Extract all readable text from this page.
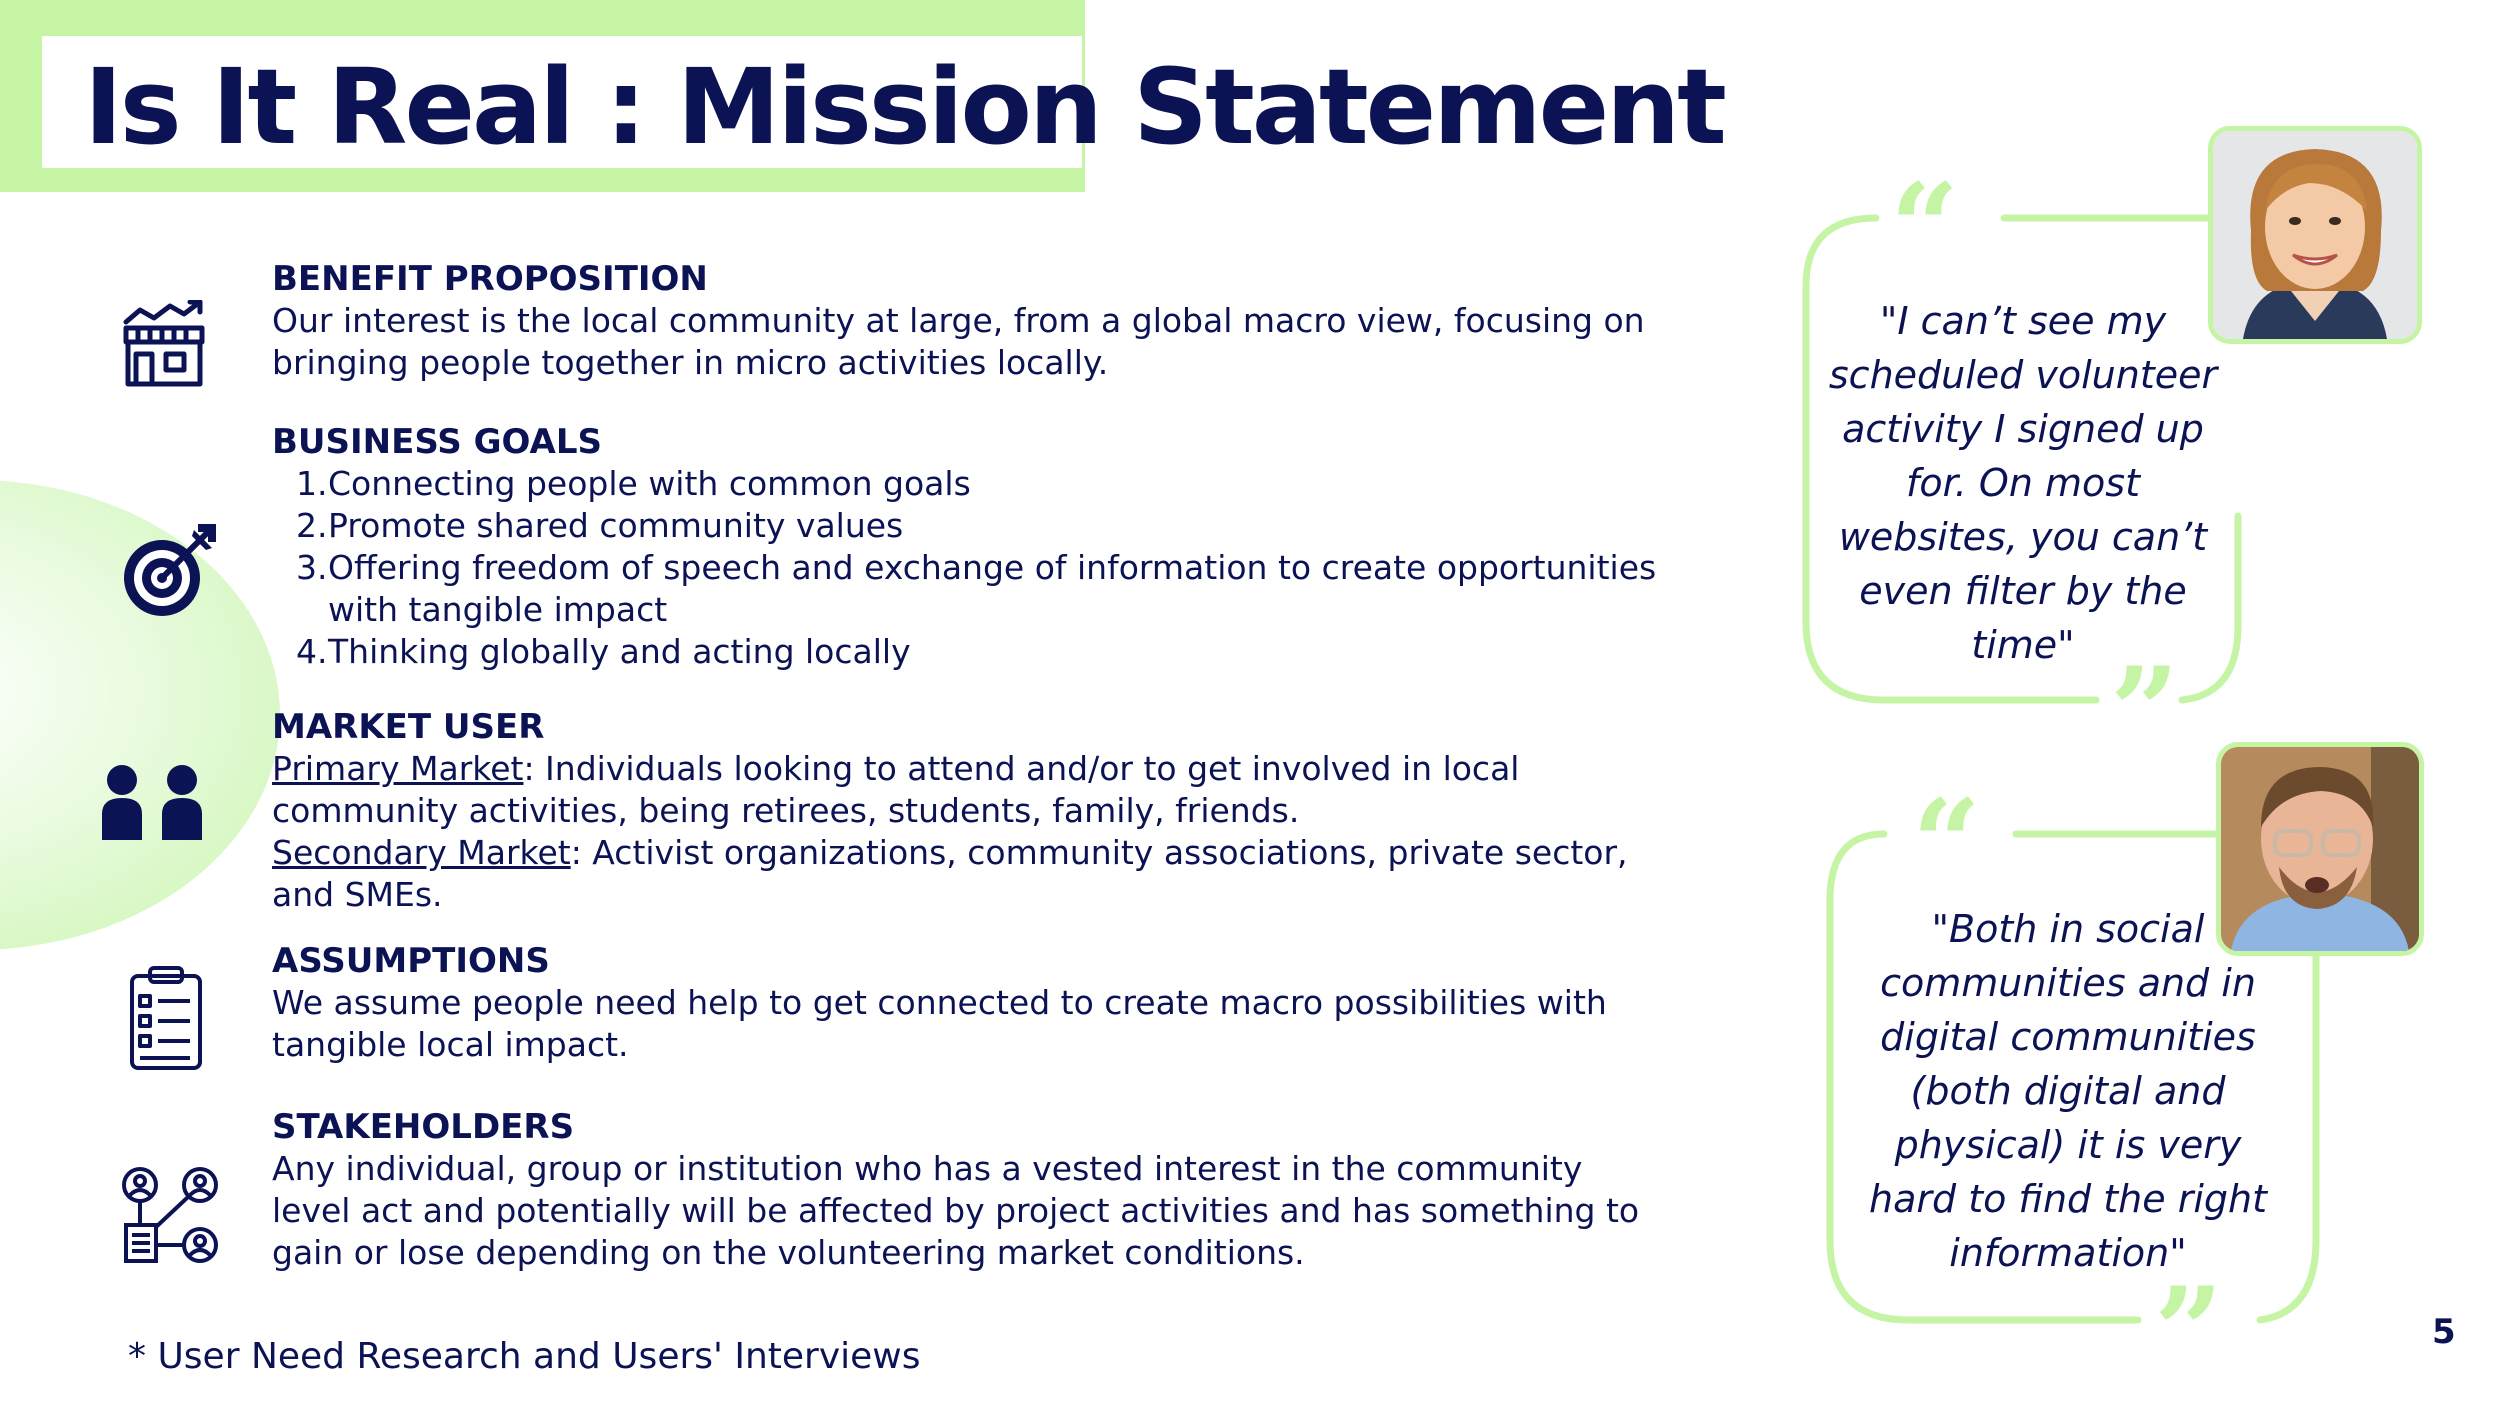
Is It Real : Mission Statement
BENEFIT PROPOSITION
Our interest is the local community at large, from a global macro view, focusing on bringing people together in micro activities locally.
BUSINESS GOALS
1. Connecting people with common goals
2. Promote shared community values
3. Offering freedom of speech and exchange of information to create opportunities with tangible impact
4. Thinking globally and acting locally
MARKET USER
Primary Market: Individuals looking to attend and/or to get involved in local community activities, being retirees, students, family, friends.
Secondary Market: Activist organizations, community associations, private sector, and SMEs.
ASSUMPTIONS
We assume people need help to get connected to create macro possibilities with tangible local impact.
STAKEHOLDERS
Any individual, group or institution who has a vested interest in the community level act and potentially will be affected by project activities and has something to gain or lose depending on the volunteering market conditions.
* User Need Research and Users' Interviews
5
“
”
"I can’t see my scheduled volunteer activity I signed up for. On most websites, you can’t even filter by the time"
“
”
"Both in social communities and in digital communities (both digital and physical) it is very hard to find the right information"
